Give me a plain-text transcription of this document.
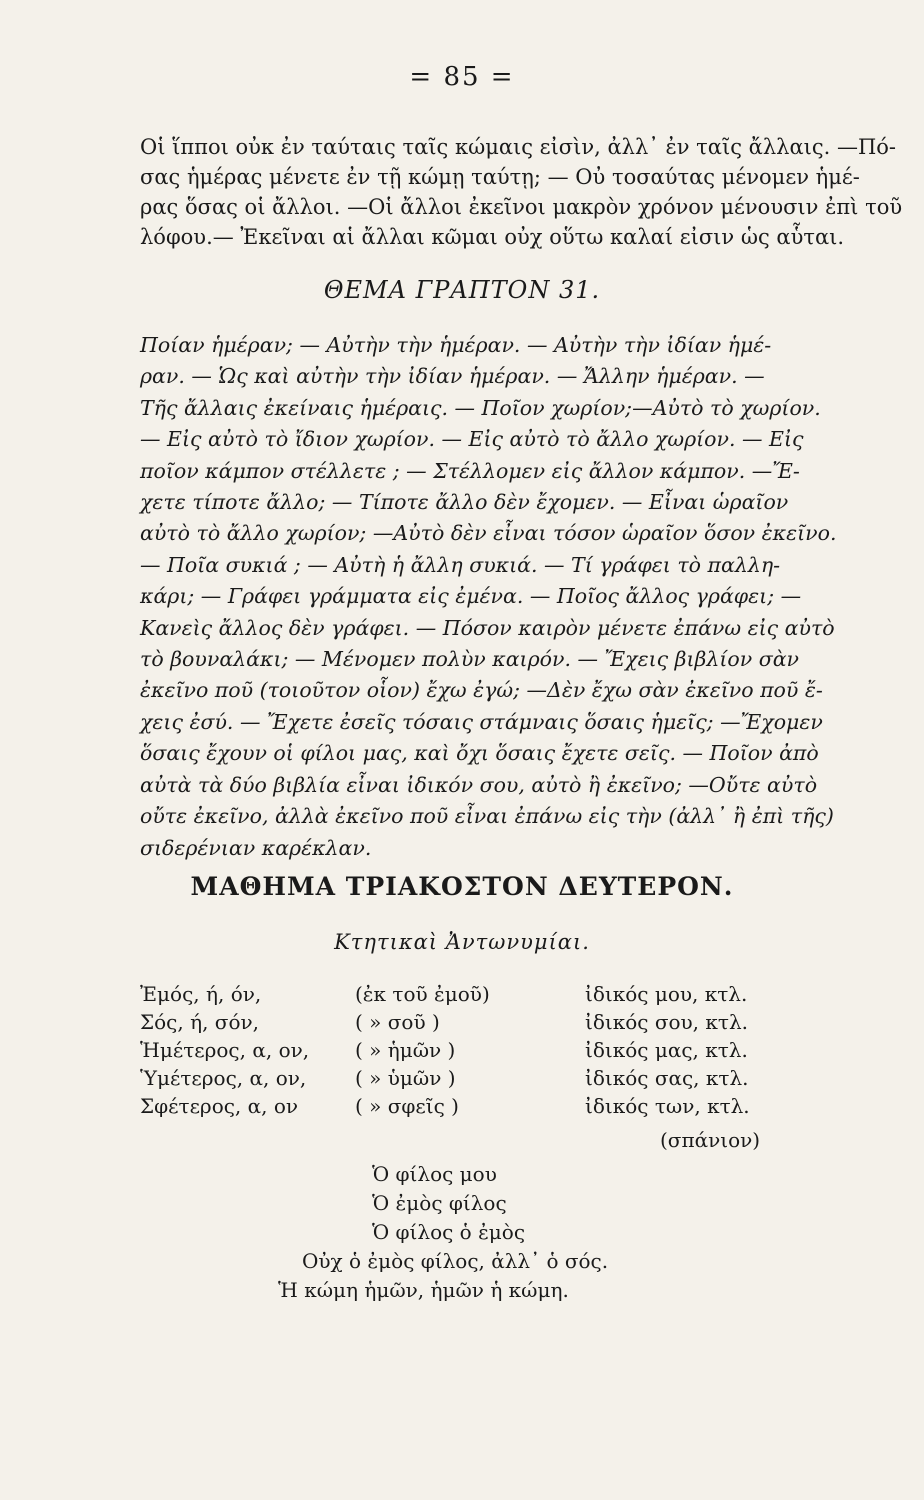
= 85 =
Οἱ ἵπποι οὐκ ἐν ταύταις ταῖς κώμαις εἰσὶν, ἀλλ᾽ ἐν ταῖς ἄλλαις. —Πό-
σας ἡμέρας μένετε ἐν τῇ κώμῃ ταύτῃ; — Οὐ τοσαύτας μένομεν ἡμέ-
ρας ὅσας οἱ ἄλλοι. —Οἱ ἄλλοι ἐκεῖνοι μακρὸν χρόνον μένουσιν ἐπὶ τοῦ
λόφου.— Ἐκεῖναι αἱ ἄλλαι κῶμαι οὐχ οὕτω καλαί εἰσιν ὡς αὗται.
ΘΕΜΑ ΓΡΑΠΤΟΝ 31.
Ποίαν ἡμέραν; — Αὐτὴν τὴν ἡμέραν. — Αὐτὴν τὴν ἰδίαν ἡμέ-
ραν. — Ὡς καὶ αὐτὴν τὴν ἰδίαν ἡμέραν. — Ἄλλην ἡμέραν. —
Τῆς ἄλλαις ἐκείναις ἡμέραις. — Ποῖον χωρίον;—Αὐτὸ τὸ χωρίον.
— Εἰς αὐτὸ τὸ ἴδιον χωρίον. — Εἰς αὐτὸ τὸ ἄλλο χωρίον. — Εἰς
ποῖον κάμπον στέλλετε ; — Στέλλομεν εἰς ἄλλον κάμπον. —Ἔ-
χετε τίποτε ἄλλο; — Τίποτε ἄλλο δὲν ἔχομεν. — Εἶναι ὡραῖον
αὐτὸ τὸ ἄλλο χωρίον; —Αὐτὸ δὲν εἶναι τόσον ὡραῖον ὅσον ἐκεῖνο.
— Ποῖα συκιά ; — Αὐτὴ ἡ ἄλλη συκιά. — Τί γράφει τὸ παλλη-
κάρι; — Γράφει γράμματα εἰς ἐμένα. — Ποῖος ἄλλος γράφει; —
Κανεὶς ἄλλος δὲν γράφει. — Πόσον καιρὸν μένετε ἐπάνω εἰς αὐτὸ
τὸ βουναλάκι; — Μένομεν πολὺν καιρόν. — Ἔχεις βιβλίον σὰν
ἐκεῖνο ποῦ (τοιοῦτον οἷον) ἔχω ἐγώ; —Δὲν ἔχω σὰν ἐκεῖνο ποῦ ἔ-
χεις ἐσύ. — Ἔχετε ἐσεῖς τόσαις στάμναις ὅσαις ἡμεῖς; —Ἔχομεν
ὅσαις ἔχουν οἱ φίλοι μας, καὶ ὄχι ὅσαις ἔχετε σεῖς. — Ποῖον ἀπὸ
αὐτὰ τὰ δύο βιβλία εἶναι ἰδικόν σου, αὐτὸ ἢ ἐκεῖνο; —Οὔτε αὐτὸ
οὔτε ἐκεῖνο, ἀλλὰ ἐκεῖνο ποῦ εἶναι ἐπάνω εἰς τὴν (ἀλλ᾽ ἢ ἐπὶ τῆς)
σιδερένιαν καρέκλαν.
ΜΑΘΗΜΑ ΤΡΙΑΚΟΣΤΟΝ ΔΕΥΤΕΡΟΝ.
Κτητικαὶ Ἀντωνυμίαι.
Ἐμός, ή, όν,	(ἐκ τοῦ ἐμοῦ)	ἰδικός μου, κτλ.
Σός, ή, σόν,	( » σοῦ )	ἰδικός σου, κτλ.
Ἡμέτερος, α, ον,	( » ἡμῶν )	ἰδικός μας, κτλ.
Ὑμέτερος, α, ον,	( » ὑμῶν )	ἰδικός σας, κτλ.
Σφέτερος, α, ον	( » σφεῖς )	ἰδικός των, κτλ.
(σπάνιον)
Ὁ φίλος μου
Ὁ ἐμὸς φίλος
Ὁ φίλος ὁ ἐμὸς
Οὐχ ὁ ἐμὸς φίλος, ἀλλ᾽ ὁ σός.
Ἡ κώμη ἡμῶν, ἡμῶν ἡ κώμη.
